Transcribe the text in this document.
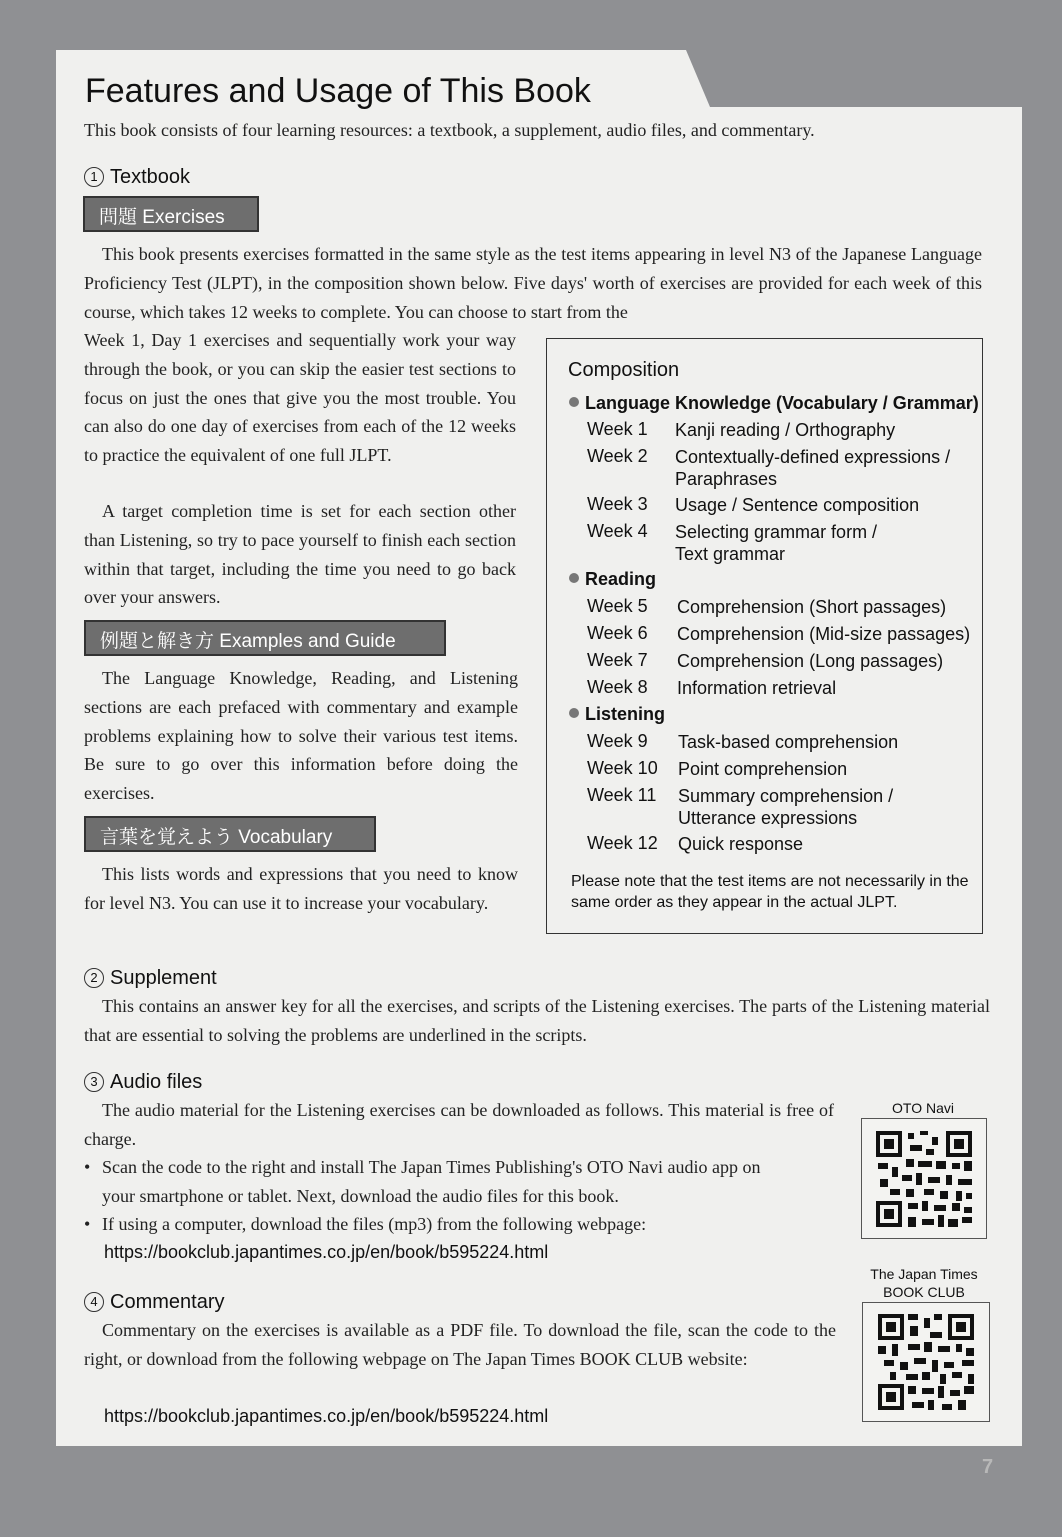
Features and Usage of This Book
This book consists of four learning resources: a textbook, a supplement, audio files, and commentary.
1 Textbook
問題 Exercises

This book presents exercises formatted in the same style as the test items appearing in level N3 of the Japanese Language Proficiency Test (JLPT), in the composition shown below. Five days' worth of exercises are provided for each week of this course, which takes 12 weeks to complete. You can choose to start from the

Week 1, Day 1 exercises and sequentially work your way through the book, or you can skip the easier test sections to focus on just the ones that give you the most trouble. You can also do one day of exercises from each of the 12 weeks to practice the equivalent of one full JLPT.

A target completion time is set for each section other than Listening, so try to pace yourself to finish each section within that target, including the time you need to go back over your answers.

例題と解き方 Examples and Guide

The Language Knowledge, Reading, and Listening sections are each prefaced with commentary and example problems explaining how to solve their various test items. Be sure to go over this information before doing the exercises.

言葉を覚えよう Vocabulary

This lists words and expressions that you need to know for level N3. You can use it to increase your vocabulary.

Composition
Language Knowledge (Vocabulary / Grammar)
Week 1 Kanji reading / Orthography
Week 2 Contextually-defined expressions / Paraphrases
Week 3 Usage / Sentence composition
Week 4 Selecting grammar form / Text grammar
Reading
Week 5 Comprehension (Short passages)
Week 6 Comprehension (Mid-size passages)
Week 7 Comprehension (Long passages)
Week 8 Information retrieval
Listening
Week 9 Task-based comprehension
Week 10 Point comprehension
Week 11 Summary comprehension / Utterance expressions
Week 12 Quick response
Please note that the test items are not necessarily in the same order as they appear in the actual JLPT.
2 Supplement

This contains an answer key for all the exercises, and scripts of the Listening exercises. The parts of the Listening material that are essential to solving the problems are underlined in the scripts.

3 Audio files

The audio material for the Listening exercises can be downloaded as follows. This material is free of charge.

• Scan the code to the right and install The Japan Times Publishing's OTO Navi audio app on your smartphone or tablet. Next, download the audio files for this book.
• If using a computer, download the files (mp3) from the following webpage:
https://bookclub.japantimes.co.jp/en/book/b595224.html
OTO Navi
4 Commentary

Commentary on the exercises is available as a PDF file. To download the file, scan the code to the right, or download from the following webpage on The Japan Times BOOK CLUB website:

https://bookclub.japantimes.co.jp/en/book/b595224.html
The Japan Times BOOK CLUB
7
